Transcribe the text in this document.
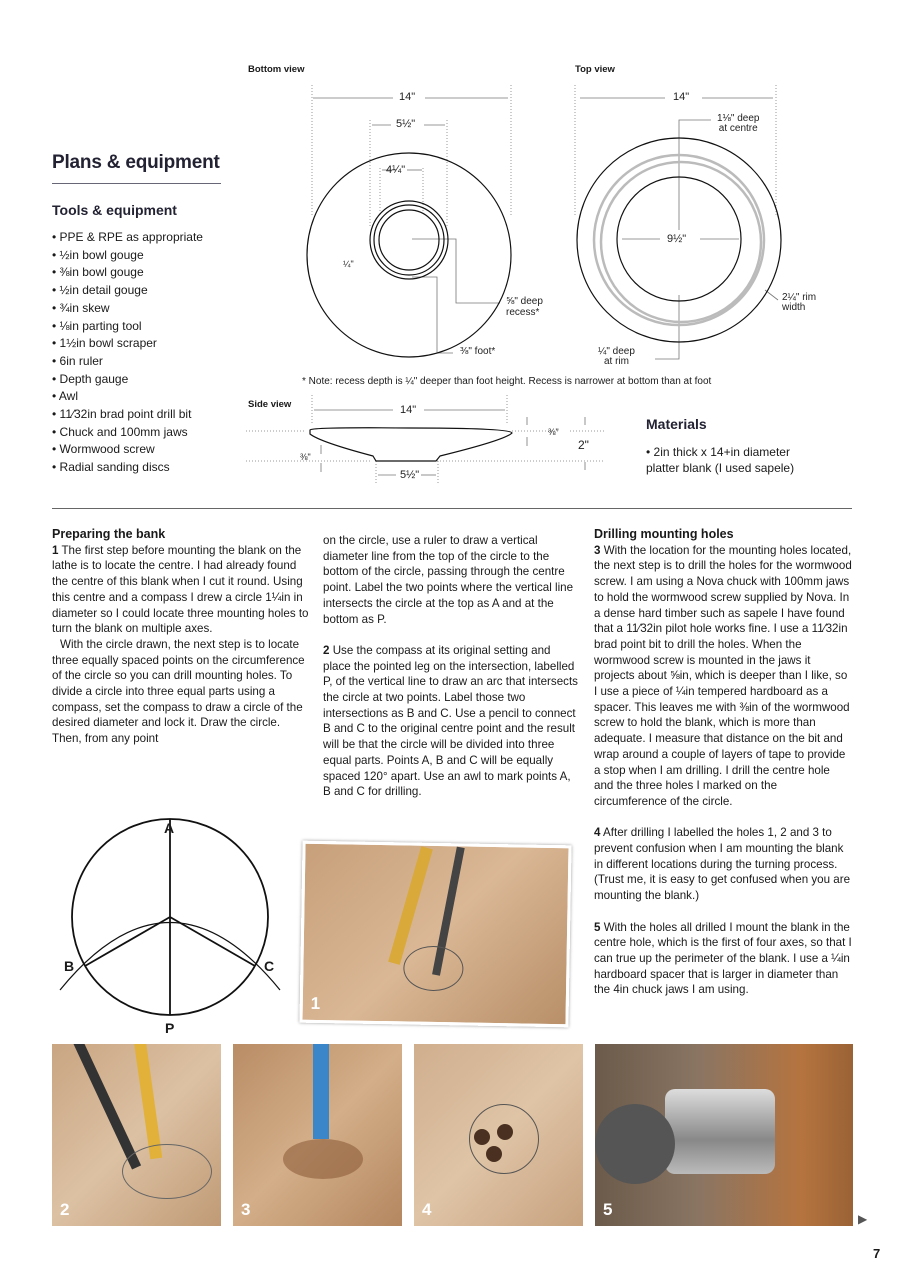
Plans & equipment
Tools & equipment
• PPE & RPE as appropriate
• ½in bowl gouge
• ⅜in bowl gouge
• ½in detail gouge
• ¾in skew
• ⅛in parting tool
• 1½in bowl scraper
• 6in ruler
• Depth gauge
• Awl
• 11⁄32in brad point drill bit
• Chuck and 100mm jaws
• Wormwood screw
• Radial sanding discs
Bottom view	Top view
Side view
14"
5½"
4¼"
¼"
⅝" deep
recess*
⅜" foot*
14"
1⅛" deep
at centre
9½"
2¼" rim
width
¼" deep
at rim
* Note: recess depth is ¼" deeper than foot height. Recess is narrower at bottom than at foot
14"
⅜"
2"
⅜"
5½"
Materials
• 2in thick x 14+in diameter platter blank (I used sapele)
Preparing the bank

1 The first step before mounting the blank on the lathe is to locate the centre. I had already found the centre of this blank when I cut it round. Using this centre and a compass I drew a circle 1¼in in diameter so I could locate three mounting holes to turn the blank on multiple axes.

With the circle drawn, the next step is to locate three equally spaced points on the circumference of the circle so you can drill mounting holes. To divide a circle into three equal parts using a compass, set the compass to draw a circle of the desired diameter and lock it. Draw the circle. Then, from any point

on the circle, use a ruler to draw a vertical diameter line from the top of the circle to the bottom of the circle, passing through the centre point. Label the two points where the vertical line intersects the circle at the top as A and at the bottom as P.

2 Use the compass at its original setting and place the pointed leg on the intersection, labelled P, of the vertical line to draw an arc that intersects the circle at two points. Label those two intersections as B and C. Use a pencil to connect B and C to the original centre point and the result will be that the circle will be divided into three equal parts. Points A, B and C will be equally spaced 120° apart. Use an awl to mark points A, B and C for drilling.

Drilling mounting holes

3 With the location for the mounting holes located, the next step is to drill the holes for the wormwood screw. I am using a Nova chuck with 100mm jaws to hold the wormwood screw supplied by Nova. In a dense hard timber such as sapele I have found that a 11⁄32in pilot hole works fine. I use a 11⁄32in brad point bit to drill the holes. When the wormwood screw is mounted in the jaws it projects about ⅝in, which is deeper than I like, so I use a piece of ¼in tempered hardboard as a spacer. This leaves me with ⅜in of the wormwood screw to hold the blank, which is more than adequate. I measure that distance on the bit and wrap around a couple of layers of tape to provide a stop when I am drilling. I drill the centre hole and the three holes I marked on the circumference of the circle.

4 After drilling I labelled the holes 1, 2 and 3 to prevent confusion when I am mounting the blank in different locations during the turning process. (Trust me, it is easy to get confused when you are mounting the blank.)

5 With the holes all drilled I mount the blank in the centre hole, which is the first of four axes, so that I can true up the perimeter of the blank. I use a ¼in hardboard spacer that is larger in diameter than the 4in chuck jaws I am using.

A
B	C
P
1
2	3	4	5	▶
7
